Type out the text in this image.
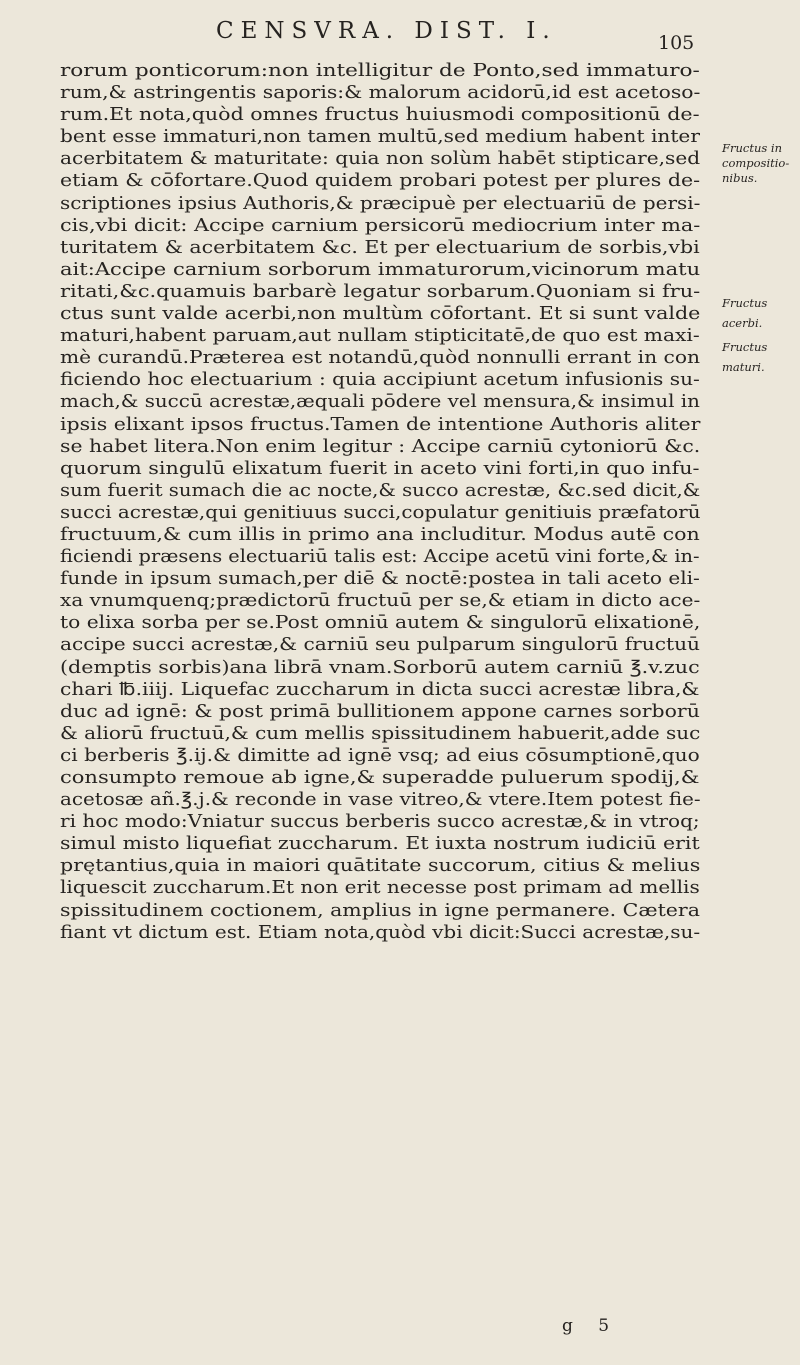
CENSVRA. DIST. I.	105
rorum ponticorum:non intelligitur de Ponto,sed immaturo-
rum,& astringentis saporis:& malorum acidorū,id est acetoso-
rum.Et nota,quòd omnes fructus huiusmodi compositionū de-
bent esse immaturi,non tamen multū,sed medium habent inter
acerbitatem & maturitate: quia non solùm habēt stipticare,sed
etiam & cōfortare.Quod quidem probari potest per plures de-
scriptiones ipsius Authoris,& præcipuè per electuariū de persi-
cis,vbi dicit: Accipe carnium persicorū mediocrium inter ma-
turitatem & acerbitatem &c. Et per electuarium de sorbis,vbi
ait:Accipe carnium sorborum immaturorum,vicinorum matu
ritati,&c.quamuis barbarè legatur sorbarum.Quoniam si fru-
ctus sunt valde acerbi,non multùm cōfortant. Et si sunt valde
maturi,habent paruam,aut nullam stipticitatē,de quo est maxi-
mè curandū.Præterea est notandū,quòd nonnulli errant in con
ficiendo hoc electuarium : quia accipiunt acetum infusionis su-
mach,& succū acrestæ,æquali pōdere vel mensura,& insimul in
ipsis elixant ipsos fructus.Tamen de intentione Authoris aliter
se habet litera.Non enim legitur : Accipe carniū cytoniorū &c.
quorum singulū elixatum fuerit in aceto vini forti,in quo infu-
sum fuerit sumach die ac nocte,& succo acrestæ, &c.sed dicit,&
succi acrestæ,qui genitiuus succi,copulatur genitiuis præfatorū
fructuum,& cum illis in primo ana includitur. Modus autē con
ficiendi præsens electuariū talis est: Accipe acetū vini forte,& in-
funde in ipsum sumach,per diē & noctē:postea in tali aceto eli-
xa vnumquenq;prædictorū fructuū per se,& etiam in dicto ace-
to elixa sorba per se.Post omniū autem & singulorū elixationē,
accipe succi acrestæ,& carniū seu pulparum singulorū fructuū
(demptis sorbis)ana librā vnam.Sorborū autem carniū ℥.v.zuc
chari ℔.iiij. Liquefac zuccharum in dicta succi acrestæ libra,&
duc ad ignē: & post primā bullitionem appone carnes sorborū
& aliorū fructuū,& cum mellis spissitudinem habuerit,adde suc
ci berberis ℥.ij.& dimitte ad ignē vsq; ad eius cōsumptionē,quo
consumpto remoue ab igne,& superadde puluerum spodij,&
acetosæ añ.℥.j.& reconde in vase vitreo,& vtere.Item potest fie-
ri hoc modo:Vniatur succus berberis succo acrestæ,& in vtroq;
simul misto liquefiat zuccharum. Et iuxta nostrum iudiciū erit
prętantius,quia in maiori quātitate succorum, citius & melius
liquescit zuccharum.Et non erit necesse post primam ad mellis
spissitudinem coctionem, amplius in igne permanere. Cætera
fiant vt dictum est. Etiam nota,quòd vbi dicit:Succi acrestæ,su-
Fructus in
compositio-
nibus.
Fructus
acerbi.
Fructus
maturi.
g 5
